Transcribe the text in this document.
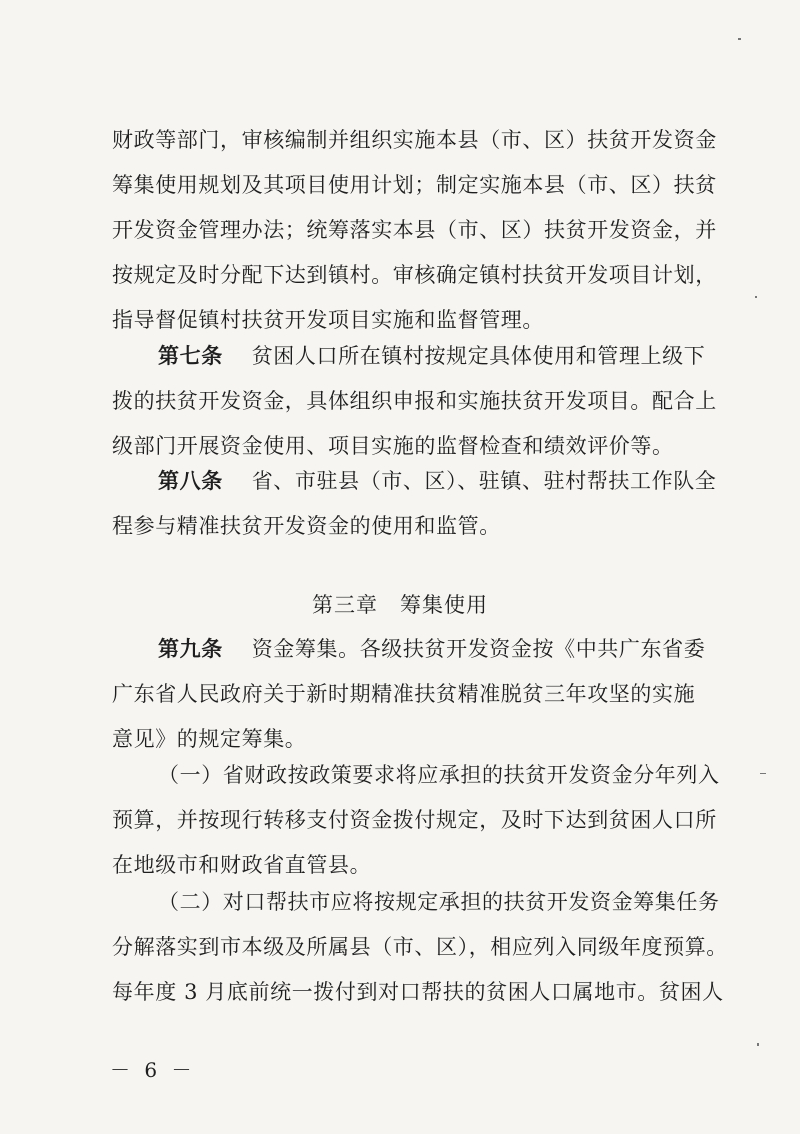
财政等部门，审核编制并组织实施本县（市、区）扶贫开发资金

筹集使用规划及其项目使用计划；制定实施本县（市、区）扶贫

开发资金管理办法；统筹落实本县（市、区）扶贫开发资金，并

按规定及时分配下达到镇村。审核确定镇村扶贫开发项目计划，

指导督促镇村扶贫开发项目实施和监督管理。

第七条　 贫困人口所在镇村按规定具体使用和管理上级下

拨的扶贫开发资金，具体组织申报和实施扶贫开发项目。配合上

级部门开展资金使用、项目实施的监督检查和绩效评价等。

第八条　 省、市驻县（市、区）、驻镇、驻村帮扶工作队全

程参与精准扶贫开发资金的使用和监管。

第三章　筹集使用

第九条　 资金筹集。各级扶贫开发资金按《中共广东省委

广东省人民政府关于新时期精准扶贫精准脱贫三年攻坚的实施

意见》的规定筹集。

（一）省财政按政策要求将应承担的扶贫开发资金分年列入

预算，并按现行转移支付资金拨付规定，及时下达到贫困人口所

在地级市和财政省直管县。

（二）对口帮扶市应将按规定承担的扶贫开发资金筹集任务

分解落实到市本级及所属县（市、区），相应列入同级年度预算。

每年度 3 月底前统一拨付到对口帮扶的贫困人口属地市。贫困人

－ 6 －
